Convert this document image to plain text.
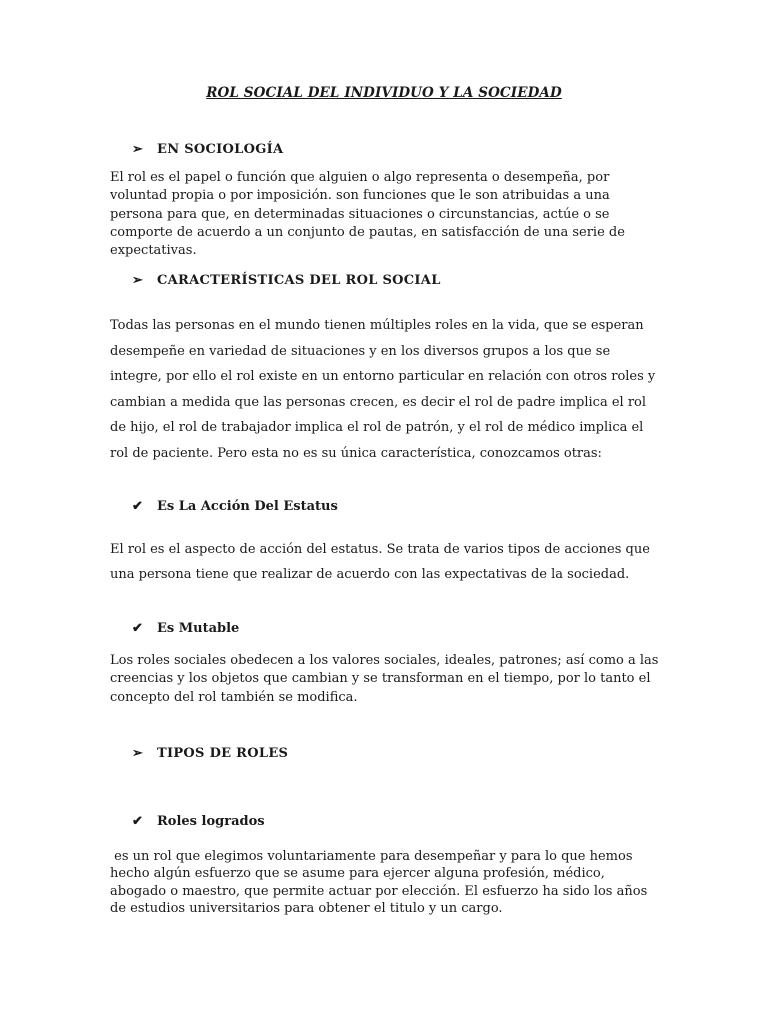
ROL SOCIAL DEL INDIVIDUO Y LA SOCIEDAD
➢ EN SOCIOLOGÍA

El rol es el papel o función que alguien o algo representa o desempeña, por voluntad propia o por imposición. son funciones que le son atribuidas a una persona para que, en determinadas situaciones o circunstancias, actúe o se comporte de acuerdo a un conjunto de pautas, en satisfacción de una serie de expectativas.

➢ CARACTERÍSTICAS DEL ROL SOCIAL

Todas las personas en el mundo tienen múltiples roles en la vida, que se esperan desempeñe en variedad de situaciones y en los diversos grupos a los que se integre, por ello el rol existe en un entorno particular en relación con otros roles y cambian a medida que las personas crecen, es decir el rol de padre implica el rol de hijo, el rol de trabajador implica el rol de patrón, y el rol de médico implica el rol de paciente. Pero esta no es su única característica, conozcamos otras:

✔ Es La Acción Del Estatus

El rol es el aspecto de acción del estatus. Se trata de varios tipos de acciones que una persona tiene que realizar de acuerdo con las expectativas de la sociedad.

✔ Es Mutable

Los roles sociales obedecen a los valores sociales, ideales, patrones; así como a las creencias y los objetos que cambian y se transforman en el tiempo, por lo tanto el concepto del rol también se modifica.

➢ TIPOS DE ROLES
✔ Roles logrados

es un rol que elegimos voluntariamente para desempeñar y para lo que hemos hecho algún esfuerzo que se asume para ejercer alguna profesión, médico, abogado o maestro, que permite actuar por elección. El esfuerzo ha sido los años de estudios universitarios para obtener el titulo y un cargo.
